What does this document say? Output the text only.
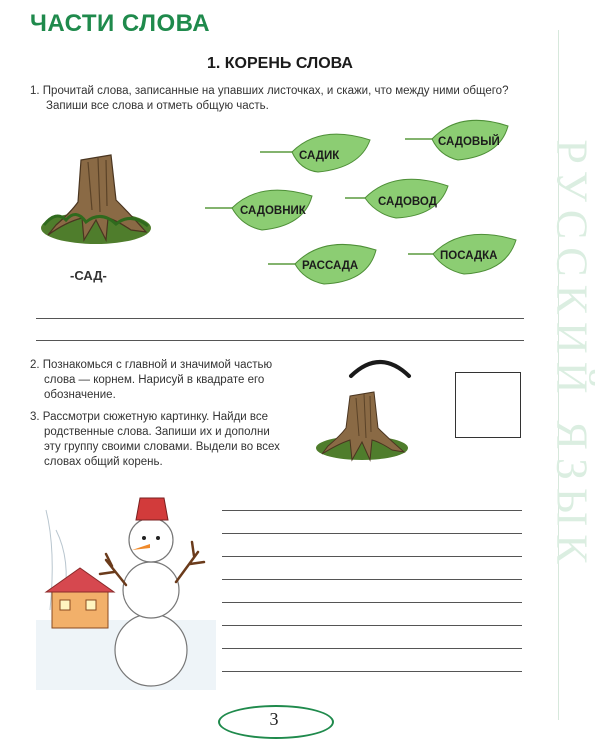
ЧАСТИ СЛОВА
1. КОРЕНЬ СЛОВА
1. Прочитай слова, записанные на упавших листочках, и скажи, что между ними общего?
Запиши все слова и отметь общую часть.
-САД-
САДИК
САДОВЫЙ
САДОВНИК
САДОВОД
РАССАДА
ПОСАДКА
2. Познакомься с главной и значимой частью
слова — корнем. Нарисуй в квадрате его
обозначение.
3. Рассмотри сюжетную картинку. Найди все
родственные слова. Запиши их и дополни
эту группу своими словами. Выдели во всех
словах общий корень.	РУССКИЙ ЯЗЫК
3
